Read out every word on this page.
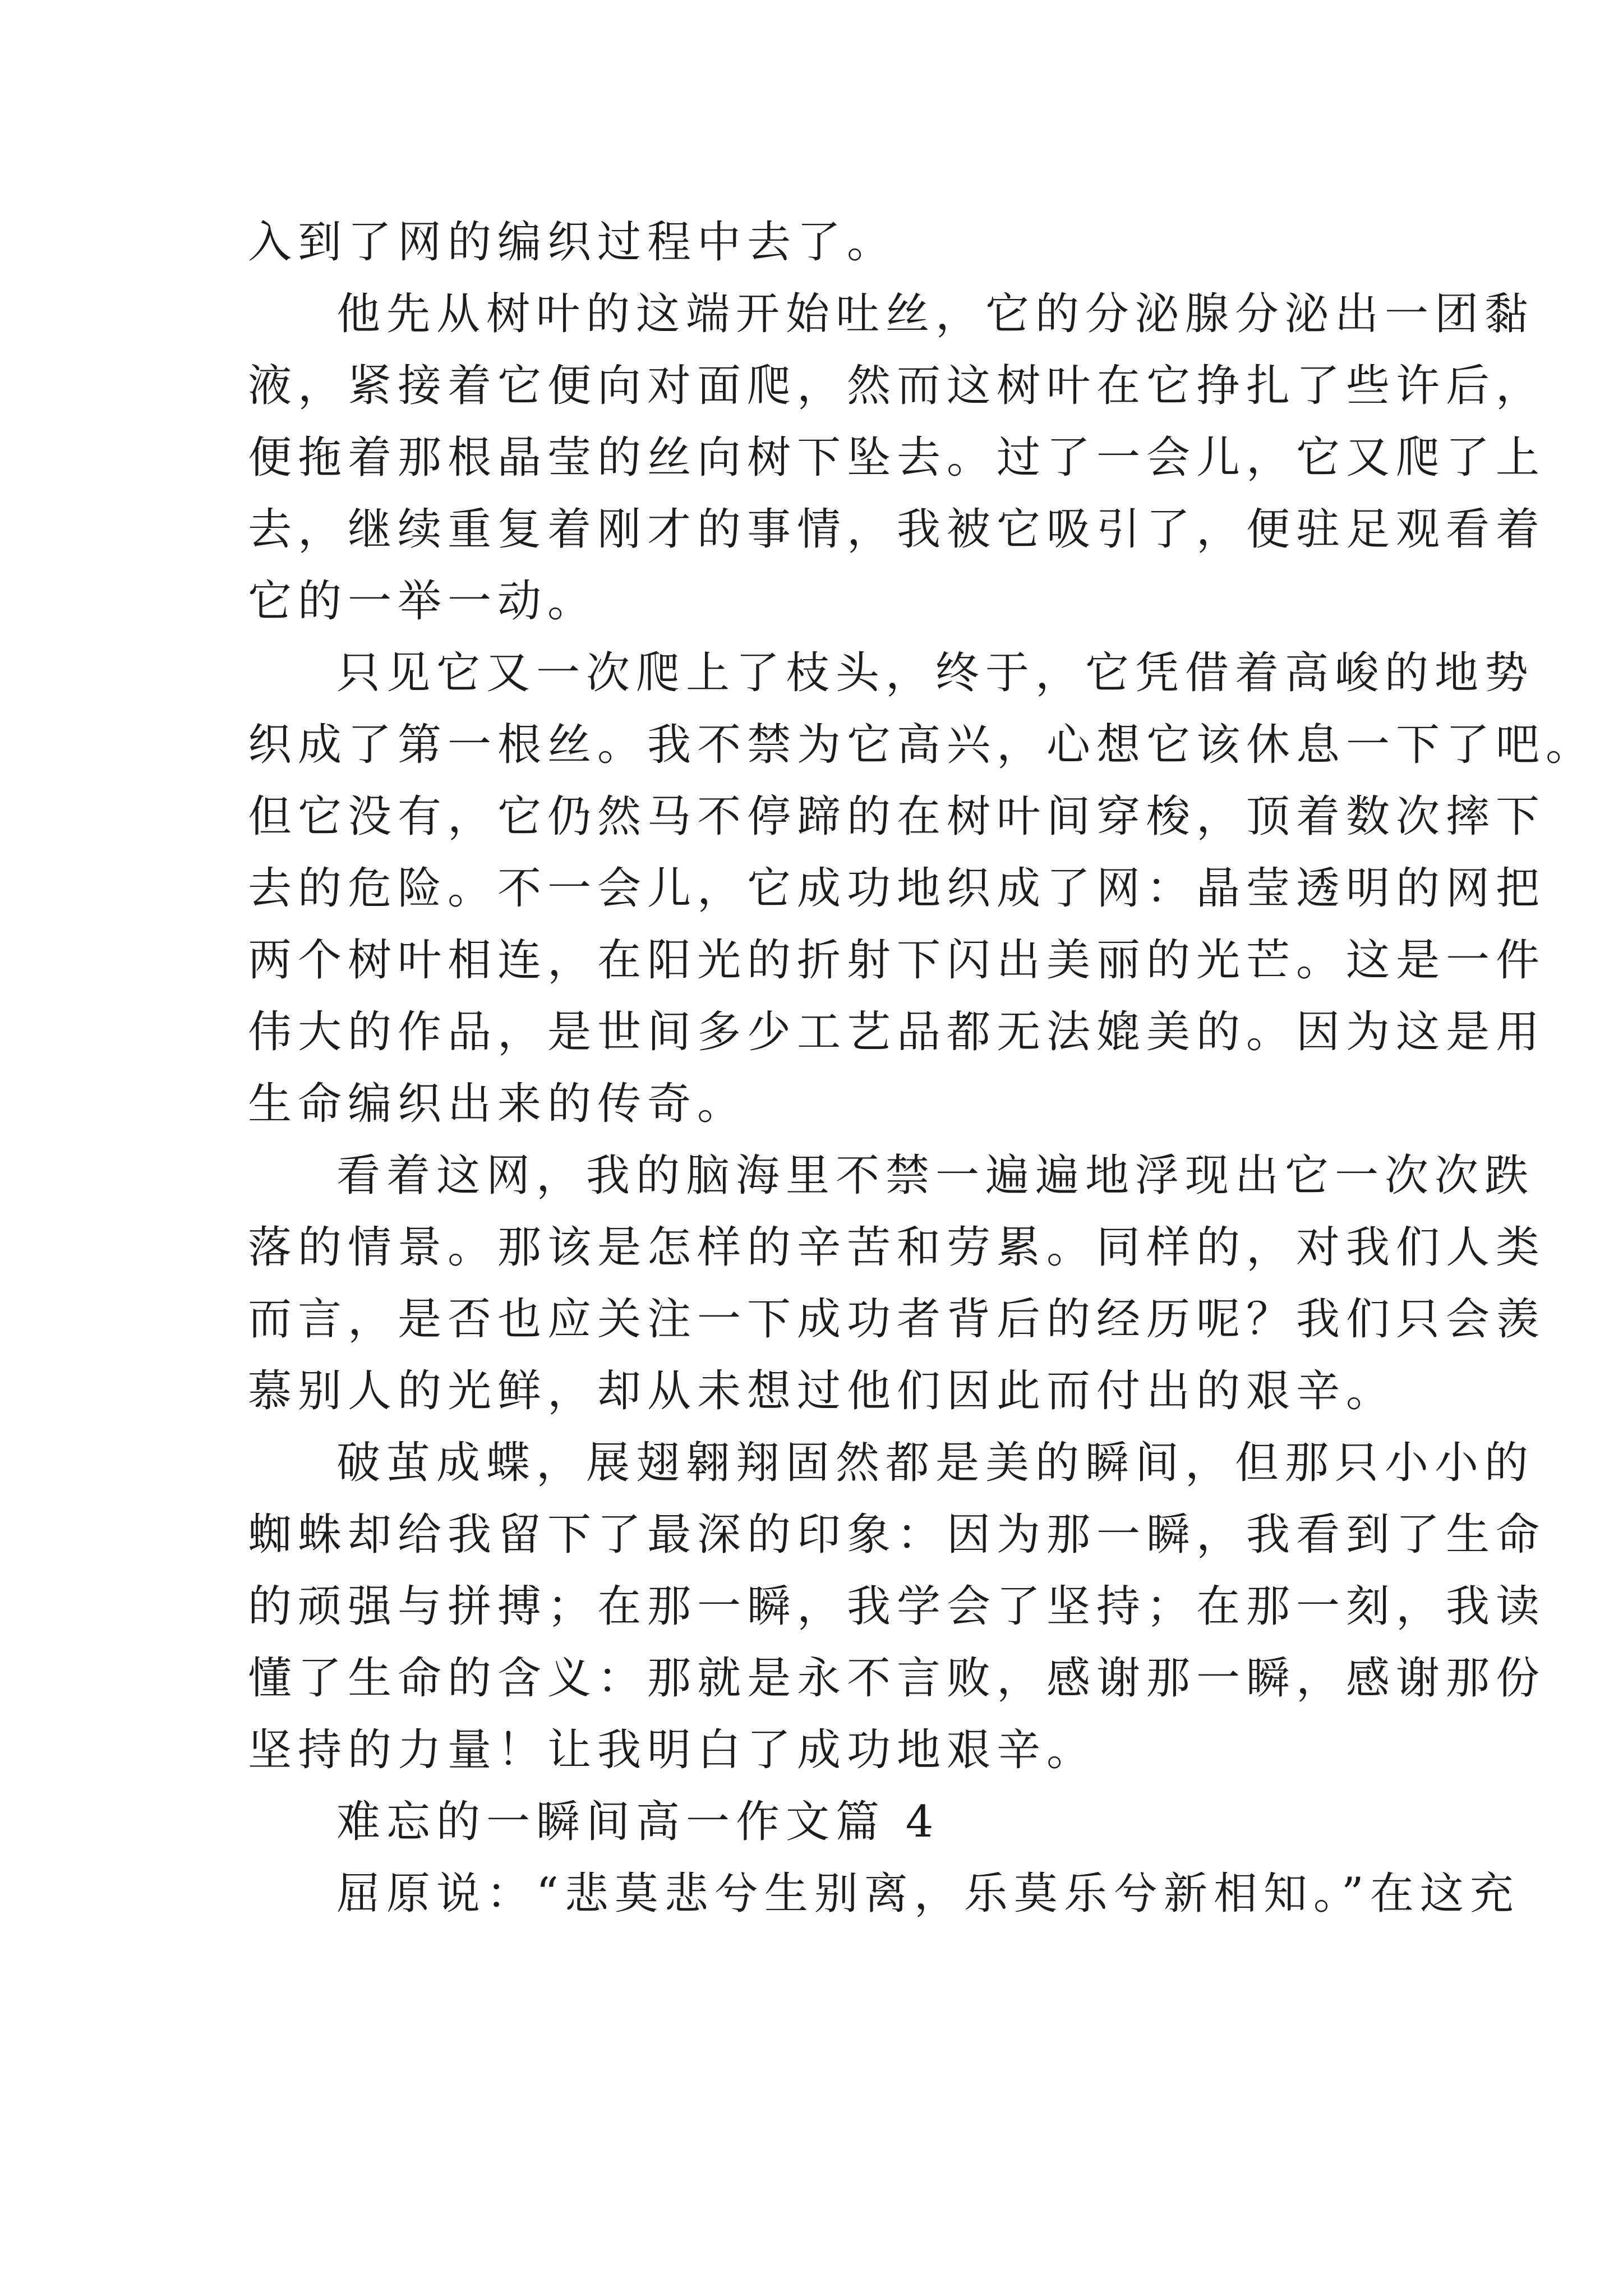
入到了网的编织过程中去了。
他先从树叶的这端开始吐丝，它的分泌腺分泌出一团黏
液，紧接着它便向对面爬，然而这树叶在它挣扎了些许后，
便拖着那根晶莹的丝向树下坠去。过了一会儿，它又爬了上
去，继续重复着刚才的事情，我被它吸引了，便驻足观看着
它的一举一动。
只见它又一次爬上了枝头，终于，它凭借着高峻的地势
织成了第一根丝。我不禁为它高兴，心想它该休息一下了吧。
但它没有，它仍然马不停蹄的在树叶间穿梭，顶着数次摔下
去的危险。不一会儿，它成功地织成了网：晶莹透明的网把
两个树叶相连，在阳光的折射下闪出美丽的光芒。这是一件
伟大的作品，是世间多少工艺品都无法媲美的。因为这是用
生命编织出来的传奇。
看着这网，我的脑海里不禁一遍遍地浮现出它一次次跌
落的情景。那该是怎样的辛苦和劳累。同样的，对我们人类
而言，是否也应关注一下成功者背后的经历呢？我们只会羡
慕别人的光鲜，却从未想过他们因此而付出的艰辛。
破茧成蝶，展翅翱翔固然都是美的瞬间，但那只小小的
蜘蛛却给我留下了最深的印象：因为那一瞬，我看到了生命
的顽强与拼搏；在那一瞬，我学会了坚持；在那一刻，我读
懂了生命的含义：那就是永不言败，感谢那一瞬，感谢那份
坚持的力量！让我明白了成功地艰辛。
难忘的一瞬间高一作文篇 4
屈原说：“悲莫悲兮生别离，乐莫乐兮新相知。”在这充
